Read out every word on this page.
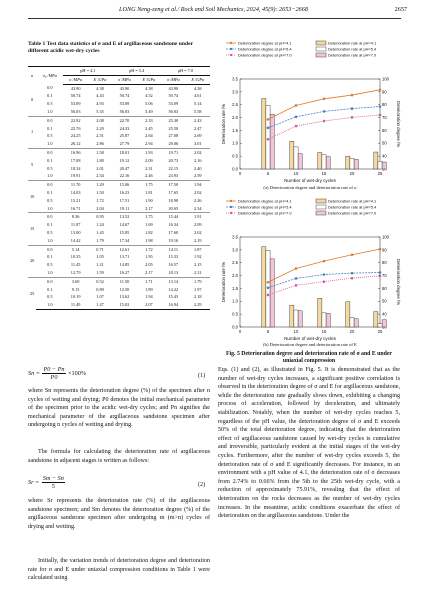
LONG Neng-zeng et al./ Rock and Soil Mechanics, 2024, 45(9): 2653−2668	2657
Table 1 Test data statistics of σ and E of argillaceous sandstone under different acidic wet-dry cycles
n	σ₀ /MPa	pH = 4.1		pH = 5.4		pH = 7.0	
		σ /MPa	E /GPa	σ /MPa	E /GPa	σ /MPa	E /GPa
0	0.0	43.90	4.38	43.90	4.38	43.90	4.38
	0.1	50.74	4.43	50.74	4.52	50.74	4.61
	0.5	53.09	4.93	53.09	5.06	53.09	5.14
	1.0	56.03	5.35	56.03	5.49	56.03	5.58
1	0.0	22.92	2.08	22.70	2.33	25.30	2.43
	0.1	22.76	2.29	24.33	2.45	25.50	2.47
	0.5	24.25	2.51	25.87	2.64	27.08	2.69
	1.0	26.12	2.86	27.79	2.94	29.06	3.01
5	0.0	16.96	1.58	18.01	1.93	19.71	2.02
	0.1	17.08	1.80	19.12	2.09	20.73	2.16
	0.5	18.34	2.01	20.47	2.31	22.15	2.40
	1.0	19.91	2.34	22.16	2.46	23.93	2.59
10	0.0	11.70	1.29	15.06	1.75	17.50	1.94
	0.1	14.03	1.50	16.23	1.81	17.65	2.02
	0.5	15.21	1.72	17.51	1.90	18.98	2.26
	1.0	16.71	2.04	19.11	2.17	20.65	2.34
15	0.0	8.36	0.95	13.52	1.75	15.44	1.91
	0.1	11.87	1.24	14.67	1.69	16.34	2.09
	0.5	13.00	1.45	15.85	1.82	17.60	2.02
	1.0	14.42	1.79	17.34	1.98	19.16	2.19
20	0.0	5.14	0.71	12.61	1.72	14.11	1.87
	0.1	10.35	1.05	13.71	1.95	15.33	1.92
	0.5	11.45	1.21	14.85	2.05	16.57	2.15
	1.0	12.79	1.59	16.27	2.17	18.13	2.31
25	0.0	3.69	0.52	11.50	1.71	13.14	1.79
	0.1	9.15	0.89	12.50	1.89	14.22	1.97
	0.5	10.19	1.07	13.62	1.94	15.43	2.18
	1.0	11.49	1.47	15.02	2.07	16.94	2.29
$Sn = \frac{P0 - Pn}{P0} \times 100\%$	(1)

where Sn represents the deterioration degree (%) of the specimen after n cycles of wetting and drying; P0 denotes the initial mechanical parameter of the specimen prior to the acidic wet-dry cycles; and Pn signifies the mechanical parameter of the argillaceous sandstone specimen after undergoing n cycles of wetting and drying.

The formula for calculating the deterioration rate of argillaceous sandstone in adjacent stages is written as follows:

$Sr = \frac{Sm - Sn}{5}$	(2)

where Sr represents the deterioration rate (%) of the argillaceous sandstone specimen; and Sm denotes the deterioration degree (%) of the argillaceous sandstone specimen after undergoing m (m>n) cycles of drying and wetting.

Initially, the variation trends of deterioration degree and deterioration rate for σ and E under uniaxial compression conditions in Table 1 were calculated using

Eqs. (1) and (2), as illustrated in Fig. 5. It is demonstrated that as the number of wet-dry cycles increases, a significant positive correlation is observed in the deterioration degree of σ and E for argillaceous sandstone, while the deterioration rate gradually slows down, exhibiting a changing process of acceleration, followed by deceleration, and ultimately stabilization. Notably, when the number of wet-dry cycles reaches 5, regardless of the pH value, the deterioration degree of σ and E exceeds 50% of the total deterioration degree, indicating that the deterioration effect of argillaceous sandstone caused by wet-dry cycles is cumulative and irreversible, particularly evident at the initial stages of the wet-dry cycles. Furthermore, after the number of wet-dry cycles exceeds 5, the deterioration rate of σ and E significantly decreases. For instance, in an environment with a pH value of 4.1, the deterioration rate of σ decreases from 2.74% to 0.66% from the 5th to the 25th wet-dry cycle, with a reduction of approximately 75.91%, revealing that the effect of deterioration on the rocks decreases as the number of wet-dry cycles increases. In the meantime, acidic conditions exacerbate the effect of deterioration on the argillaceous sandstone. Under the

Deterioration degree at pH=4.1	Deterioration rate at pH=4.1
Deterioration degree at pH=5.4	Deterioration rate at pH=5.4
Deterioration degree at pH=7.0	Deterioration rate at pH=7.0
0.0
0.5
1.0
1.5
2.0
2.5
3.0
3.5
40
50
60
70
80
90
100
0	5	10	15	20	25
Number of wet-dry cycles
Deterioration rate /%	Deterioration degree /%
(a) Deterioration degree and deterioration rate of σ
Deterioration degree at pH=4.1	Deterioration rate at pH=4.1
Deterioration degree at pH=5.4	Deterioration rate at pH=5.4
Deterioration degree at pH=7.0	Deterioration rate at pH=7.0
0.0
0.5
1.0
1.5
2.0
2.5
3.0
3.5
40
50
60
70
80
90
100
0	5	10	15	20	25
Number of wet-dry cycles
Deterioration rate /%	Deterioration degree /%
(b) Deterioration degree and deterioration rate of E
Fig. 5 Deterioration degree and deterioration rate of σ and E under uniaxial compression
